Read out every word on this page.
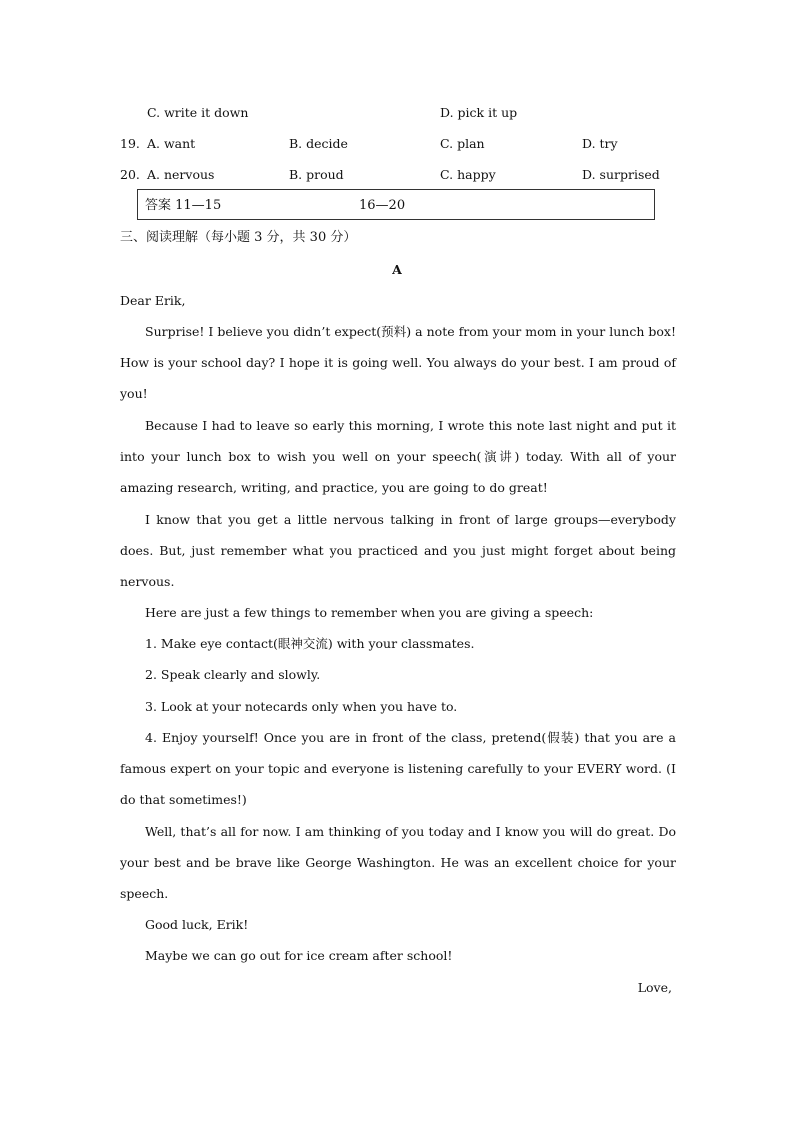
C. write it down	D. pick it up
19. A. want	B. decide	C. plan	D. try
20. A. nervous	B. proud	C. happy	D. surprised
答案 11—15	16—20
三、阅读理解（每小题 3 分，共 30 分）
A
Dear Erik,
Surprise! I believe you didn’t expect(预料) a note from your mom in your lunch box! How is your school day? I hope it is going well. You always do your best. I am proud of you!
Because I had to leave so early this morning, I wrote this note last night and put it into your lunch box to wish you well on your speech(演讲) today. With all of your amazing research, writing, and practice, you are going to do great!
I know that you get a little nervous talking in front of large groups—everybody does. But, just remember what you practiced and you just might forget about being nervous.
Here are just a few things to remember when you are giving a speech:
1. Make eye contact(眼神交流) with your classmates.
2. Speak clearly and slowly.
3. Look at your notecards only when you have to.
4. Enjoy yourself! Once you are in front of the class, pretend(假装) that you are a famous expert on your topic and everyone is listening carefully to your EVERY word. (I do that sometimes!)
Well, that’s all for now. I am thinking of you today and I know you will do great. Do your best and be brave like George Washington. He was an excellent choice for your speech.
Good luck, Erik!
Maybe we can go out for ice cream after school!
Love,
